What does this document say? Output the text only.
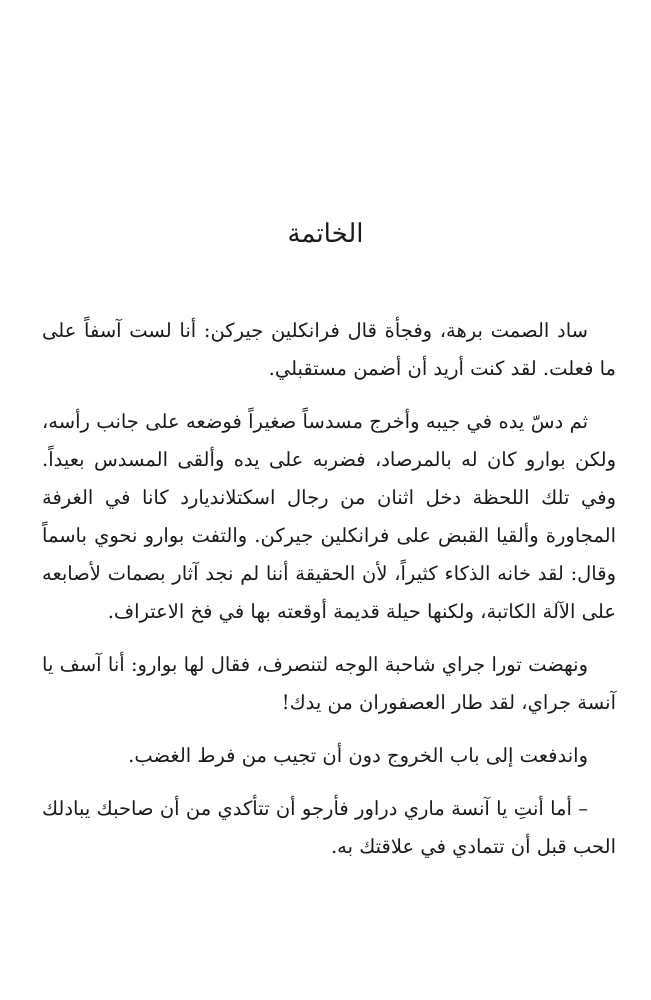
الخاتمة

ساد الصمت برهة، وفجأة قال فرانكلين جيركن: أنا لست آسفاً على ما فعلت. لقد كنت أريد أن أضمن مستقبلي.

ثم دسّ يده في جيبه وأخرج مسدساً صغيراً فوضعه على جانب رأسه، ولكن بوارو كان له بالمرصاد، فضربه على يده وألقى المسدس بعيداً. وفي تلك اللحظة دخل اثنان من رجال اسكتلانديارد كانا في الغرفة المجاورة وألقيا القبض على فرانكلين جيركن. والتفت بوارو نحوي باسماً وقال: لقد خانه الذكاء كثيراً، لأن الحقيقة أننا لم نجد آثار بصمات لأصابعه على الآلة الكاتبة، ولكنها حيلة قديمة أوقعته بها في فخ الاعتراف.

ونهضت تورا جراي شاحبة الوجه لتنصرف، فقال لها بوارو: أنا آسف يا آنسة جراي، لقد طار العصفوران من يدك!

واندفعت إلى باب الخروج دون أن تجيب من فرط الغضب.

– أما أنتِ يا آنسة ماري دراور فأرجو أن تتأكدي من أن صاحبك يبادلك الحب قبل أن تتمادي في علاقتك به.
